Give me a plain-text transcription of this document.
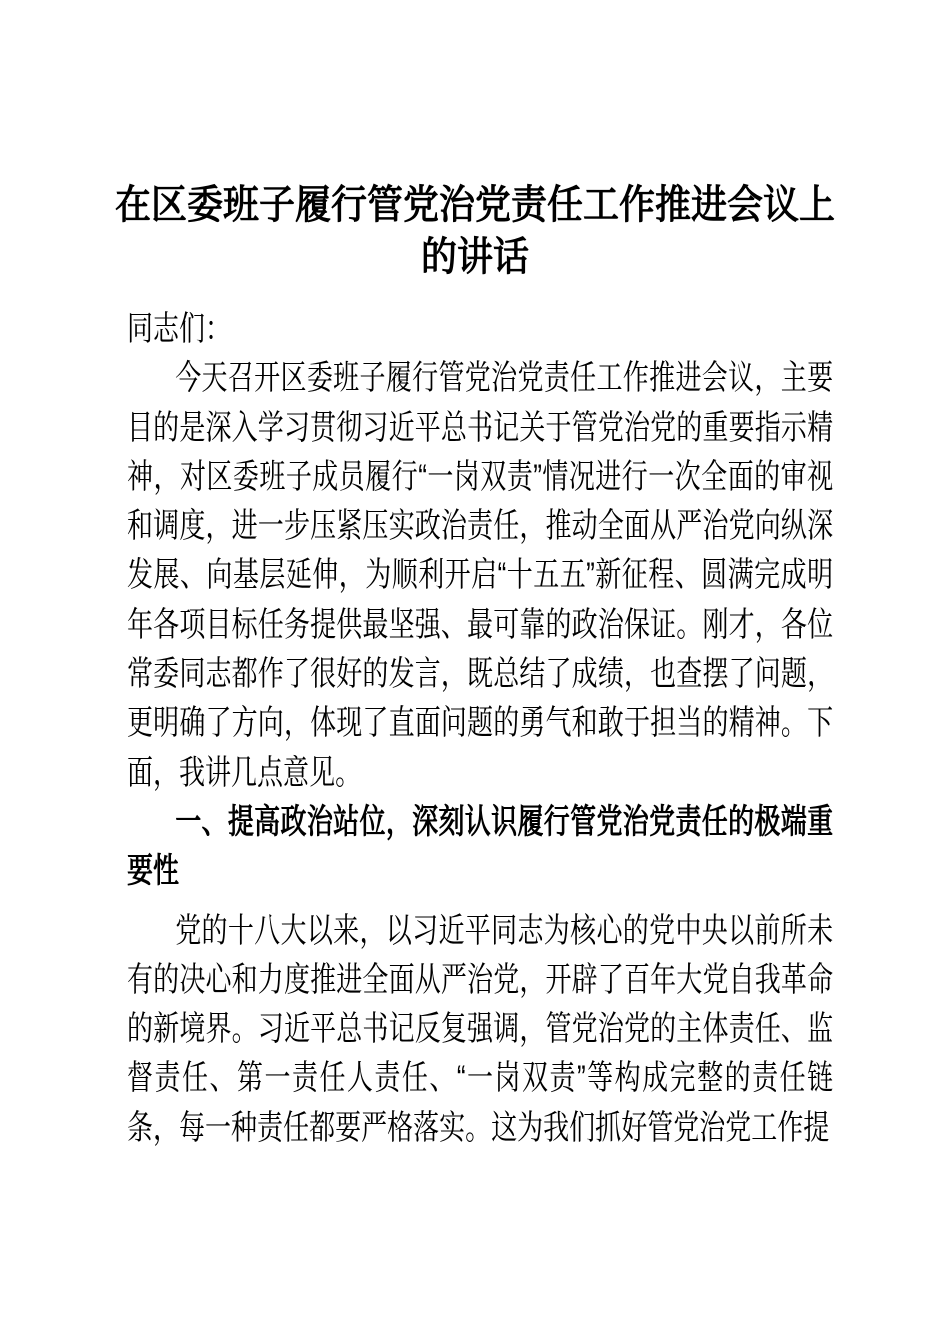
在区委班子履行管党治党责任工作推进会议上的讲话

同志们：

今天召开区委班子履行管党治党责任工作推进会议，主要目的是深入学习贯彻习近平总书记关于管党治党的重要指示精神，对区委班子成员履行“一岗双责”情况进行一次全面的审视和调度，进一步压紧压实政治责任，推动全面从严治党向纵深发展、向基层延伸，为顺利开启“十五五”新征程、圆满完成明年各项目标任务提供最坚强、最可靠的政治保证。刚才，各位常委同志都作了很好的发言，既总结了成绩，也查摆了问题，更明确了方向，体现了直面问题的勇气和敢于担当的精神。下面，我讲几点意见。

一、提高政治站位，深刻认识履行管党治党责任的极端重要性

党的十八大以来，以习近平同志为核心的党中央以前所未有的决心和力度推进全面从严治党，开辟了百年大党自我革命的新境界。习近平总书记反复强调，管党治党的主体责任、监督责任、第一责任人责任、“一岗双责”等构成完整的责任链条，每一种责任都要严格落实。这为我们抓好管党治党工作提
